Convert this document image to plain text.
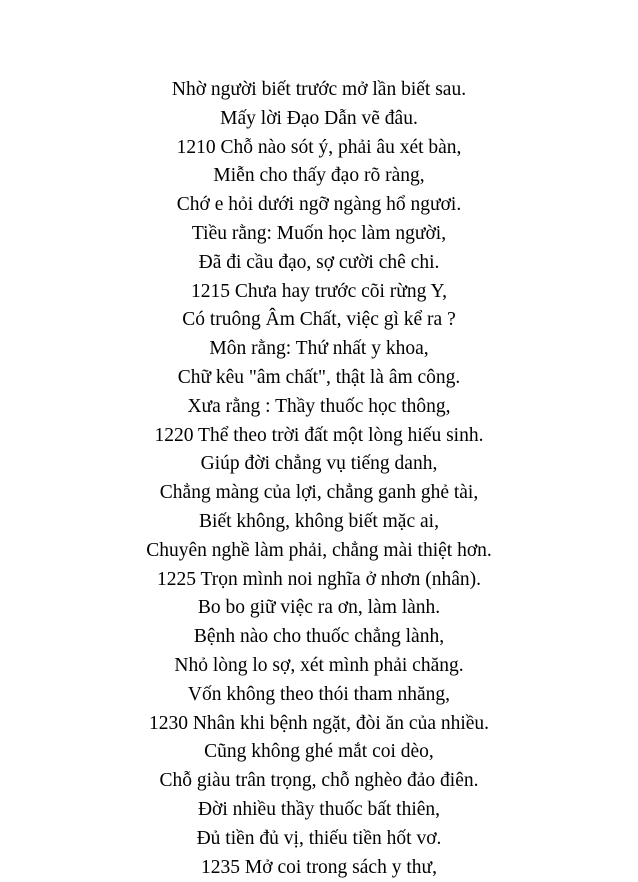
Nhờ người biết trước mở lần biết sau.
Mấy lời Đạo Dẫn vẽ đâu.
1210 Chỗ nào sót ý, phải âu xét bàn,
Miễn cho thấy đạo rõ ràng,
Chớ e hỏi dưới ngỡ ngàng hổ ngươi.
Tiều rằng: Muốn học làm người,
Đã đi cầu đạo, sợ cười chê chi.
1215 Chưa hay trước cõi rừng Y,
Có truông Âm Chất, việc gì kể ra ?
Môn rằng: Thứ nhất y khoa,
Chữ kêu "âm chất", thật là âm công.
Xưa rằng : Thầy thuốc học thông,
1220 Thể theo trời đất một lòng hiếu sinh.
Giúp đời chẳng vụ tiếng danh,
Chẳng màng của lợi, chẳng ganh ghẻ tài,
Biết không, không biết mặc ai,
Chuyên nghề làm phải, chẳng mài thiệt hơn.
1225 Trọn mình noi nghĩa ở nhơn (nhân).
Bo bo giữ việc ra ơn, làm lành.
Bệnh nào cho thuốc chẳng lành,
Nhỏ lòng lo sợ, xét mình phải chăng.
Vốn không theo thói tham nhăng,
1230 Nhân khi bệnh ngặt, đòi ăn của nhiều.
Cũng không ghé mắt coi dèo,
Chỗ giàu trân trọng, chỗ nghèo đảo điên.
Đời nhiều thầy thuốc bất thiên,
Đủ tiền đủ vị, thiếu tiền hốt vơ.
1235 Mở coi trong sách y thư,
